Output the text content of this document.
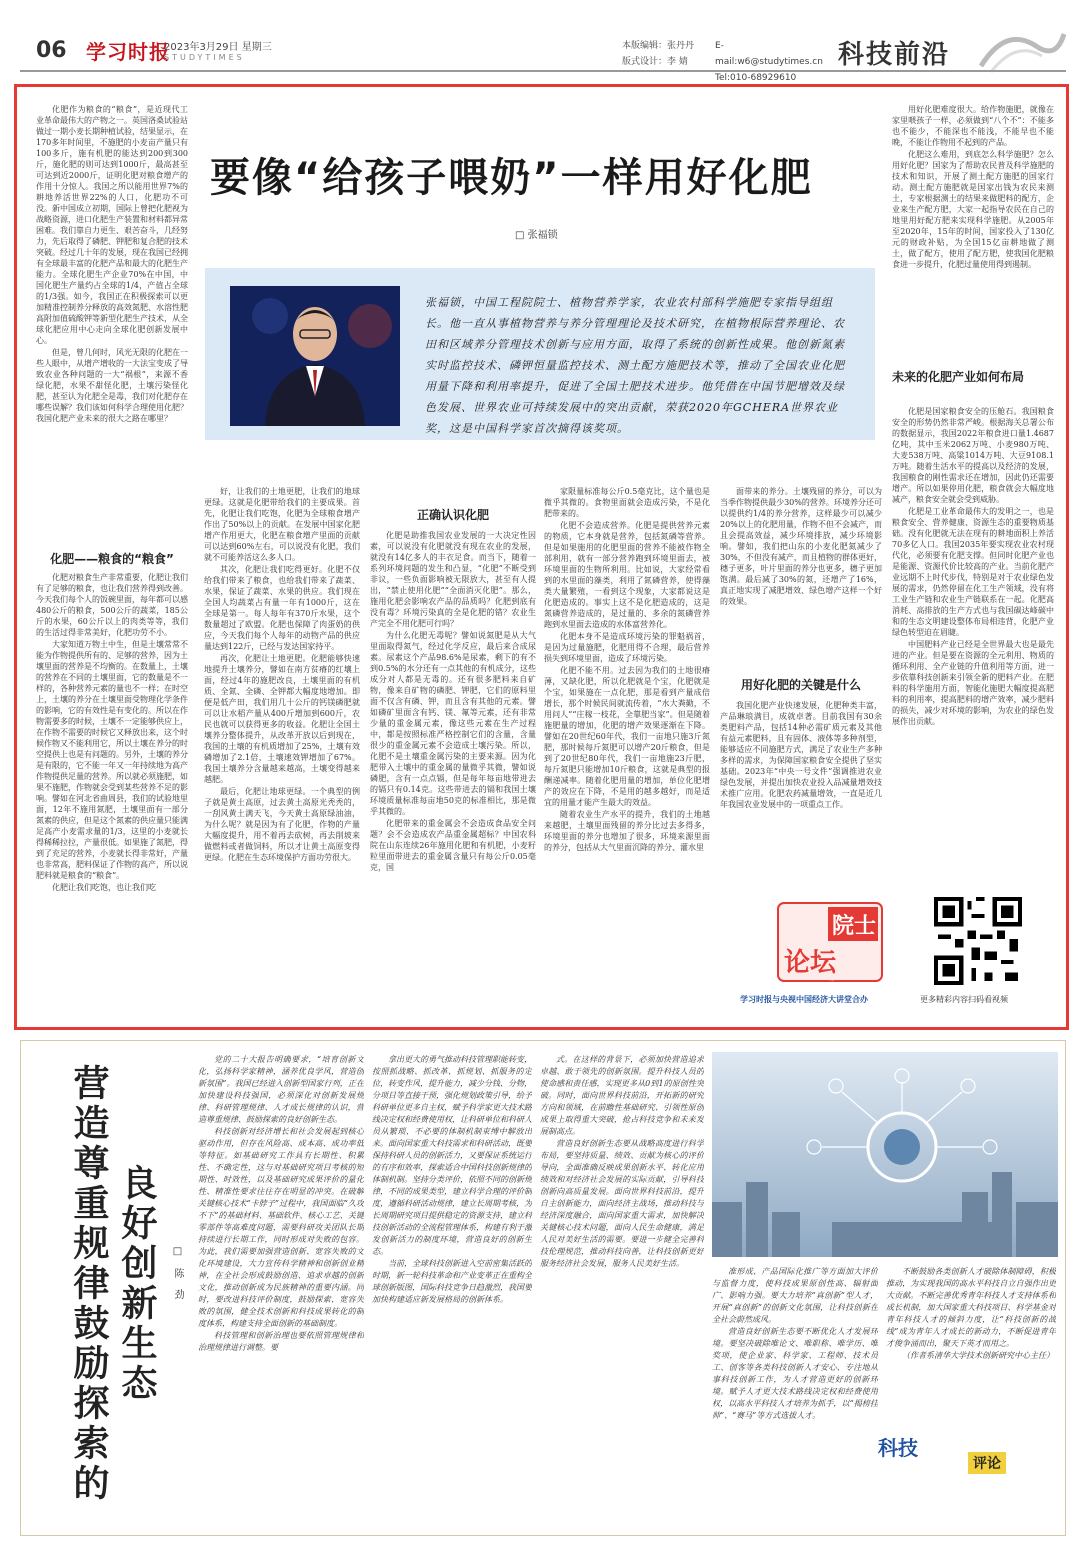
06 学习时报
2023年3月29日 星期三
STUDYTIMES
本版编辑：张丹丹
版式设计：李 婧
E-mail:w6@studytimes.cn
Tel:010-68929610
科技前沿

化肥作为粮食的“粮食”，是近现代工业革命最伟大的产物之一。英国洛桑试验站做过一期小麦长期种植试验，结果显示，在170多年时间里，不施肥的小麦亩产量只有100多斤，施有机肥的能达到200到300斤，施化肥的则可达到1000斤，最高甚至可达到近2000斤，证明化肥对粮食增产的作用十分惊人。我国之所以能用世界7%的耕地养活世界22%的人口，化肥功不可没。新中国成立初期，国际上曾把化肥视为战略资源，进口化肥生产装置和材料都异常困难。我们靠自力更生、艰苦奋斗，几经努力，先后取得了磷肥、钾肥和复合肥的技术突破。经过几十年的发展，现在我国已经拥有全球最丰富的化肥产品和最大的化肥生产能力。全球化肥生产企业70%在中国，中国化肥生产量约占全球的1/4，产值占全球的1/3强。如今，我国正在积极探索可以更加精准控制养分释放的高效氮肥、水溶性肥高附加值硫酸钾等新型化肥生产技术，从全球化肥应用中心走向全球化肥创新发展中心。

但是，曾几何时，风光无限的化肥在一些人眼中，从增产增收的一大法宝变成了导致农业各种问题的一大“祸根”，来源不香绿化肥，水果不甜怪化肥，土壤污染怪化肥，甚至认为化肥全是毒，我们对化肥存在哪些误解？我们该如何科学合理使用化肥？我国化肥产业未来的很大之路在哪里？

化肥——粮食的“粮食”

化肥对粮食生产非常重要，化肥让我们有了足够的粮食，也让我们营养得到改善。今天我们每个人的饭碗里面，每年都可以感480公斤的粮食，500公斤的蔬菜，185公斤的水果，60公斤以上的肉类等等，我们的生活过得非常美好，化肥功劳不小。

大家知道万物土中生，但是土壤常常不能为作物提供所有的、足够的营养，因为土壤里面的营养是不均衡的。在数量上，土壤的营养在不同的土壤里面，它的数量是不一样的，各种营养元素的量也不一样；在时空上，土壤的养分在土壤里面受物理化学条件的影响，它的有效性是有变化的。所以在作物需要多的时候，土壤不一定能够供应上，在作物不需要的时候它又释放出来，这个时候作物又不能利用它，所以土壤在养分的时空提供上也是有问题的。另外，土壤的养分是有限的，它不能一年又一年持续地为高产作物提供足量的营养。所以就必须施肥，如果不施肥，作物就会受到某些营养不足的影响。譬如在河北省曲周县，我们的试验地里面，12年不施用氮肥，土壤里面有一部分氮素的供应，但是这个氮素的供应量只能满足高产小麦需求量的1/3，这里的小麦就长得稀稀拉拉，产量很低。如果施了氮肥，得到了充足的营养，小麦就长得非常好，产量也非常高，肥料保证了作物的高产，所以说肥料就是粮食的“粮食”。

化肥让我们吃饱，也让我们吃

要像“给孩子喂奶”一样用好化肥
□ 张福锁
张福锁，中国工程院院士、植物营养学家，农业农村部科学施肥专家指导组组长。他一直从事植物营养与养分管理理论及技术研究，在植物根际营养理论、农田和区域养分管理技术创新与应用方面，取得了系统的创新性成果。他创新氮素实时监控技术、磷钾恒量监控技术、测土配方施肥技术等，推动了全国农业化肥用量下降和利用率提升，促进了全国土肥技术进步。他凭借在中国节肥增效及绿色发展、世界农业可持续发展中的突出贡献，荣获2020年GCHERA世界农业奖，这是中国科学家首次摘得该奖项。

好，让我们的土地更肥，让我们的地球更绿。这就是化肥带给我们的主要成果。首先，化肥让我们吃饱，化肥为全球粮食增产作出了50%以上的贡献。在发展中国家化肥增产作用更大，化肥在粮食增产里面的贡献可以达到60%左右，可以说没有化肥，我们就不可能养活这么多人口。

其次，化肥让我们吃得更好。化肥不仅给我们带来了粮食，也给我们带来了蔬菜、水果，保证了蔬菜、水果的供应。我们现在全国人均蔬菜占有量一年有1000斤，这在全球是第一。每人每年有370斤水果，这个数量超过了欧盟。化肥也保障了肉蛋奶的供应，今天我们每个人每年的动物产品的供应量达到122斤，已经与发达国家持平。

再次，化肥让土地更肥。化肥能够快速地提升土壤养分，譬如在南方贫瘠的红壤上面，经过4年的施肥改良，土壤里面的有机质、全氮、全磷、全钾都大幅度地增加。即便是低产田，我们用几十公斤的钙镁磷肥就可以让水稻产量从400斤增加到600斤，农民也就可以获得更多的收益。化肥让全国土壤养分整体提升，从改革开放以后到现在，我国的土壤的有机质增加了25%，土壤有效磷增加了2.1倍，土壤速效钾增加了67%。我国土壤养分含量越来越高，土壤变得越来越肥。

最后，化肥让地球更绿。一个典型的例子就是黄土高原，过去黄土高原光秃秃的，一刮风黄土满天飞，今天黄土高原绿油油，为什么呢？就是因为有了化肥，作物的产量大幅度提升，用不着再去砍树，再去削坡来做燃料或者做饲料，所以才让黄土高原变得更绿。化肥在生态环境保护方面功劳很大。

正确认识化肥

化肥是助推我国农业发展的一大决定性因素，可以说没有化肥就没有现在农业的发展，就没有14亿多人的丰衣足食。而当下，随着一系列环境问题的发生和凸显，“化肥”不断受到非议，一些负面影响被无限放大，甚至有人提出，“禁止使用化肥”“全面消灭化肥”。那么，施用化肥会影响农产品的品质吗？化肥到底有没有毒？环境污染真的全是化肥的错？农业生产完全不用化肥可行吗？

为什么化肥无毒呢？譬如说氮肥是从大气里面取得氮气，经过化学反应，最后来合成尿素。尿素这个产品98.6%是尿素，剩下的有不到0.5%的水分还有一点其他的有机成分，这些成分对人都是无毒的。还有很多肥料来自矿物，像来自矿物的磷肥、钾肥，它们的原料里面不仅含有磷、钾，而且含有其他的元素。譬如磷矿里面含有钙、镁、氟等元素，还有非常少量的重金属元素，像这些元素在生产过程中，都是按照标准严格控制它们的含量，含量很少的重金属元素不会造成土壤污染。所以，化肥不是土壤重金属污染的主要来源。因为化肥带入土壤中的重金属的量微乎其微，譬如说磷肥，含有一点点镉，但是每年每亩地带进去的镉只有0.14克。这些带进去的镉和我国土壤环境质量标准每亩地50克的标准相比，那是微乎其微的。

化肥带来的重金属会不会造成食品安全问题？会不会造成农产品重金属超标？中国农科院在山东连续26年施用化肥和有机肥，小麦籽粒里面带进去的重金属含量只有每公斤0.05毫克，国

家限量标准每公斤0.5毫克比，这个量也是微乎其微的。食物里面就会造成污染，不是化肥带来的。

化肥不会造成营养。化肥是提供营养元素的物质，它本身就是营养，包括氮磷等营养。但是如果施用的化肥里面的营养不能被作物全部利用，就有一部分营养跑到环境里面去，被环境里面的生物所利用。比如说，大家经常看到的水里面的藻类，利用了氮磷营养，使得藻类大量繁殖，一看到这个现象，大家都说这是化肥造成的。事实上这不是化肥造成的，这是氮磷营养造成的，是过量的、多余的氮磷营养跑到水里面去造成的水体富营养化。

化肥本身不是造成环境污染的罪魁祸首，是因为过量施肥，化肥用得不合理，最后营养损失到环境里面，造成了环境污染。

化肥不能不用。过去因为我们的土地很瘠薄，又缺化肥，所以化肥就是个宝，化肥就是个宝，如果施在一点化肥，那是看到产量成倍增长，那个时候民间就流传着，“水大粪勤，不用问人”“庄稼一枝花，全靠肥当家”。但是随着施肥量的增加，化肥的增产效果逐渐在下降。譬如在20世纪60年代，我们一亩地只施3斤氮肥，那时候每斤氮肥可以增产20斤粮食，但是到了20世纪80年代，我们一亩地施23斤肥，每斤氮肥只能增加10斤粮食，这就是典型的报酬递减率。随着化肥用量的增加，单位化肥增产的效应在下降，不是用的越多越好，而是适宜的用量才能产生最大的效益。

随着农业生产水平的提升，我们的土地越来越肥，土壤里面残留的养分比过去多得多，环境里面的养分也增加了很多，环境来源里面的养分，包括从大气里面沉降的养分、灌水里

面带来的养分。土壤残留的养分，可以为当季作物提供最少30%的营养。环境养分还可以提供约1/4的养分营养，这样最少可以减少20%以上的化肥用量，作物不但不会减产，而且会提高效益，减少环境排放，减少环境影响。譬如，我们把山东的小麦化肥氮减少了30%，不但没有减产，而且植物的群体更好，穗子更多，叶片里面的养分也更多，穗子更加饱满。最后减了30%的氮，还增产了16%，真正地实现了减肥增效、绿色增产这样一个好的效果。

用好化肥的关键是什么

我国化肥产业快速发展，化肥种类丰富，产品琳琅满目，成就卓著。目前我国有30余类肥料产品，包括14种必需矿质元素及其他有益元素肥料，且有固体、液体等多种剂型，能够适应不同施肥方式，满足了农业生产多种多样的需求，为保障国家粮食安全提供了坚实基础。2023年“中央一号文件”强调推进农业绿色发展，并提出加快农业投入品减量增效技术推广应用。化肥农药减量增效，一直是近几年我国农业发展中的一项重点工作。

用好化肥难度很大。给作物施肥，就像在家里喂孩子一样，必须做到“八个不”：不能多也不能少，不能深也不能浅，不能早也不能晚，不能让作物用不起到的产品。

化肥这么难用，到底怎么科学施肥？怎么用好化肥？国家为了帮助农民普及科学施肥的技术和知识，开展了测土配方施肥的国家行动。测土配方施肥就是国家出钱为农民来测土，专家根据测土的结果来做肥料的配方，企业来生产配方肥，大家一起指导农民在自己的地里用好配方肥来实现科学施肥。从2005年至2020年，15年的时间，国家投入了130亿元的财政补贴，为全国15亿亩耕地做了测土，做了配方，使用了配方肥，使我国化肥粮食进一步提升，化肥过量使用得到遏制。

未来的化肥产业如何布局

化肥是国家粮食安全的压舱石。我国粮食安全的形势仍然非常严峻。根据海关总署公布的数据显示，我国2022年粮食进口量1.4687亿吨，其中玉米2062万吨、小麦980万吨、大麦538万吨、高粱1014万吨、大豆9108.1万吨。随着生活水平的提高以及经济的发展，我国粮食的刚性需求还在增加，因此仍还需要增产。所以如果停用化肥，粮食就会大幅度地减产，粮食安全就会受到威胁。

化肥是工业革命最伟大的发明之一，也是粮食安全、营养健康、资源生态的重要物质基础。没有化肥就无法在现有的耕地面积上养活70多亿人口。我国2035年要实现农业农村现代化，必须要有化肥支撑。但同时化肥产业也是能源、资源代价比较高的产业。当前化肥产业远期不上时代步伐，特别是对于农业绿色发展的需求，仍然停留在化工生产领域，没有将工业生产链和农业生产链联系在一起。化肥高消耗、高排放的生产方式也与我国碳达峰碳中和的生态文明建设整体布局相违背，化肥产业绿色转型迫在眉睫。

中国肥料产业已经是全世界最大也是最先进的产业。但是要在资源的全元利用、物质的循环利用、全产业链的升值利用等方面，进一步依靠科技创新来引领全新的肥料产业。在肥料的科学施用方面，智能化施肥大幅度提高肥料的利用率，提高肥料的增产效率，减少肥料的损失，减少对环境的影响，为农业的绿色发展作出贡献。

院士
论坛
院士论坛
学习时报与央视中国经济大讲堂合办	更多精彩内容扫码看视频
营造尊重规律鼓励探索的 良好创新生态	□ 陈 劲

党的二十大报告明确要求，“培育创新文化，弘扬科学家精神，涵养优良学风，营造创新氛围”。我国已经进入创新型国家行列，正在加快建设科技强国，必须深化对创新发展规律、科研管理规律、人才成长规律的认识，营造尊重规律、鼓励探索的良好创新生态。

科技创新对经济增长和社会发展起到核心驱动作用，但存在风险高、成本高、成功率低等特征。如基础研究工作具有长期性、积累性、不确定性，这与对基础研究项目考核的短期性、时效性，以及基础研究成果评价的量化性、精准性要求往往存在明显的冲突。在破解关键核心技术“卡脖子”过程中，我国面临“久攻不下”的基础材料、基础软件、核心工艺、关键零部件等高难度问题，需要科研攻关团队长期持续进行长期工作，同时形成对失败的包容。为此，我们需要加强营造创新、宽容失败的文化环境建设，大力宣传科学精神和创新创业精神，在全社会形成鼓励创造、追求卓越的创新文化，推动创新成为民族精神的重要内涵。同时，要改进科技评价制度，鼓励探索、宽容失败的氛围，健全技术创新和科技成果转化的制度体系，构建支持全面创新的基础制度。

科技管理和创新治理也要依照管理规律和治理规律进行调整。要

拿出更大的勇气推动科技管理职能转变，按照抓战略、抓改革、抓规划、抓服务的定位，转变作风，提升能力，减少分钱、分物，分项目等直接干预，强化规划政策引导，给予科研单位更多自主权，赋予科学家更大技术路线决定权和经费使用权，让科研单位和科研人员从繁琐、不必要的体制机制束缚中解放出来。面向国家重大科技需求和科研活动，既要保持科研人员的创新活力，又要保证系统运行的有序和效率，探索适合中国科技创新规律的体制机制。坚持分类评价，依照不同的创新规律，不同的成果类型，建立科学合理的评价制度，遵循科研活动规律，建立长周期考核，为长周期研究项目提供稳定的资源支持，建立科技创新活动的全流程管理体系，构建有利于激发创新活力的制度环境，营造良好的创新生态。

当前，全球科技创新进入空前密集活跃的时期，新一轮科技革命和产业变革正在重构全球创新版图，国际科技竞争日趋激烈，我国要加快构建适应新发展格局的创新体系。

式。在这样的背景下，必须加快营造追求卓越、敢于领先的创新氛围。提升科技人员的使命感和责任感，实现更多从0到1的原创性突破。同时，面向世界科技前沿，开拓新的研究方向和领域，在前瞻性基础研究、引领性原创成果上取得重大突破，抢占科技竞争和未来发展制高点。

营造良好创新生态要从战略高度进行科学布局，要坚持质量、绩效、贡献为核心的评价导向，全面准确反映成果创新水平、转化应用绩效和对经济社会发展的实际贡献，引导科技创新向高质量发展。面向世界科技前沿，提升自主创新能力，面向经济主战场，推动科技与经济深度融合，面向国家重大需求，加快解决关键核心技术问题，面向人民生命健康，满足人民对美好生活的需要。要进一步健全完善科技伦理规范，推动科技向善，让科技创新更好服务经济社会发展，服务人民美好生活。

准形成、产品国际化推广等方面加大评价与监督力度，使科技成果原创性高、辐射面广、影响力强。要大力培养“真创新”型人才，开展“真创新”的创新文化氛围，让科技创新在全社会蔚然成风。

营造良好创新生态要不断优化人才发展环境。要坚决破除唯论文、唯职称、唯学历、唯奖项，使企业家、科学家、工程师、技术员工、创客等各类科技创新人才安心、专注地从事科技创新工作，为人才营造更好的创新环境。赋予人才更大技术路线决定权和经费使用权，以高水平科技人才培养为抓手，以“揭榜挂帅”、“赛马”等方式选拔人才。

不断鼓励各类创新人才破除体制障碍，积极推动，为实现我国的高水平科技自立自强作出更大贡献。不断完善优秀青年科技人才支持体系和成长机制，加大国家重大科技项目、科学基金对青年科技人才的倾斜力度，让“科技创新的战线”成为青年人才成长的新动力，不断促进青年才俊争涌而出，聚天下英才而用之。

（作者系清华大学技术创新研究中心主任）

科技
评论
